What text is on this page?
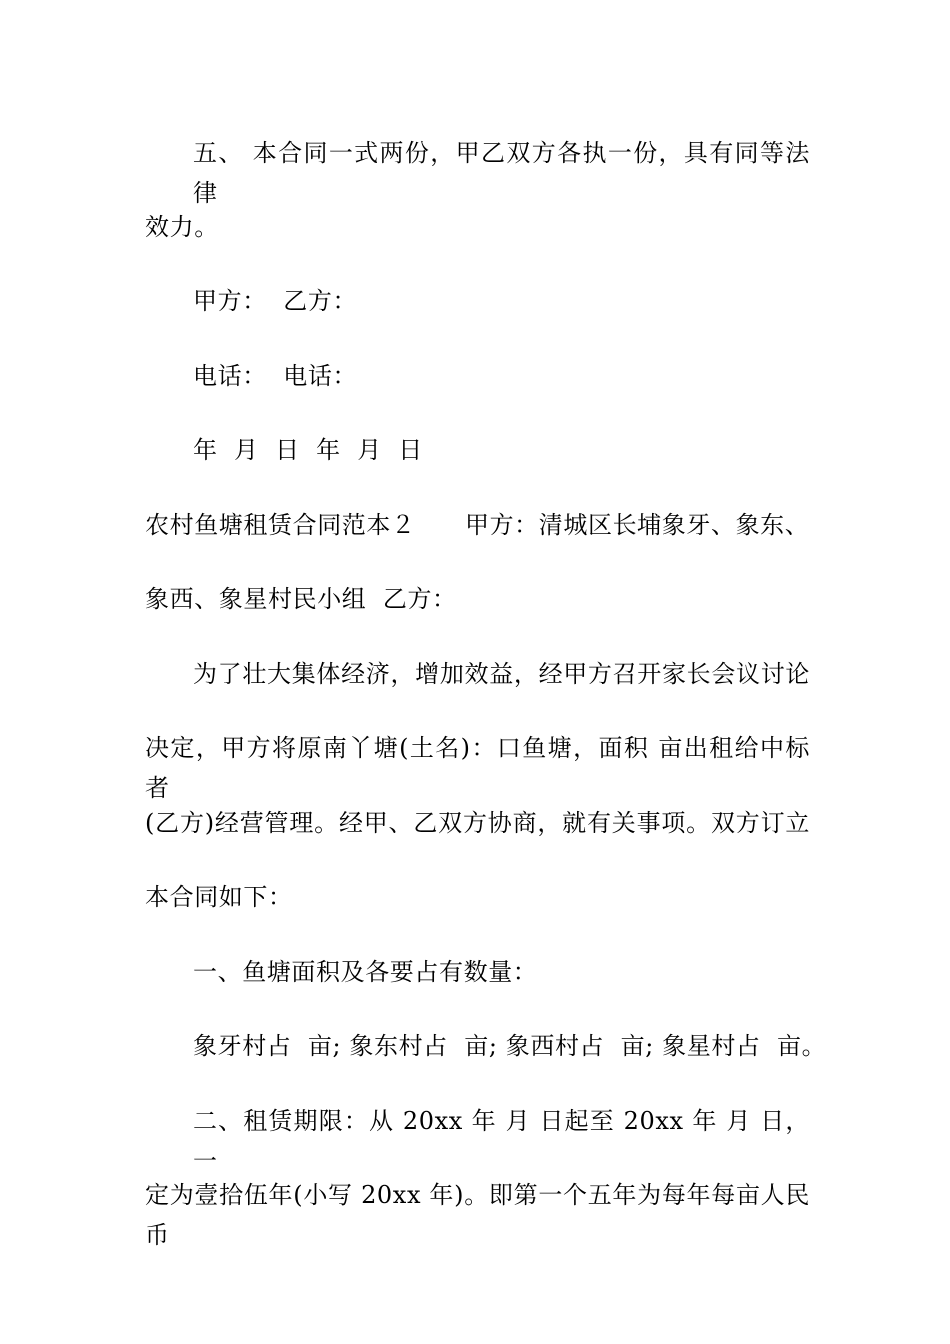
五、 本合同一式两份，甲乙双方各执一份，具有同等法律
效力。
甲方：  乙方：
电话：  电话：
年  月  日  年  月  日
农村鱼塘租赁合同范本２      甲方：清城区长埔象牙、象东、
象西、象星村民小组  乙方：
为了壮大集体经济，增加效益，经甲方召开家长会议讨论
决定，甲方将原南丫塘(土名)：口鱼塘，面积 亩出租给中标者
(乙方)经营管理。经甲、乙双方协商，就有关事项。双方订立
本合同如下：
一、鱼塘面积及各要占有数量：
象牙村占  亩; 象东村占  亩; 象西村占  亩; 象星村占  亩。
二、租赁期限：从 20xx 年 月 日起至 20xx 年 月 日，一
定为壹拾伍年(小写 20xx 年)。即第一个五年为每年每亩人民币
